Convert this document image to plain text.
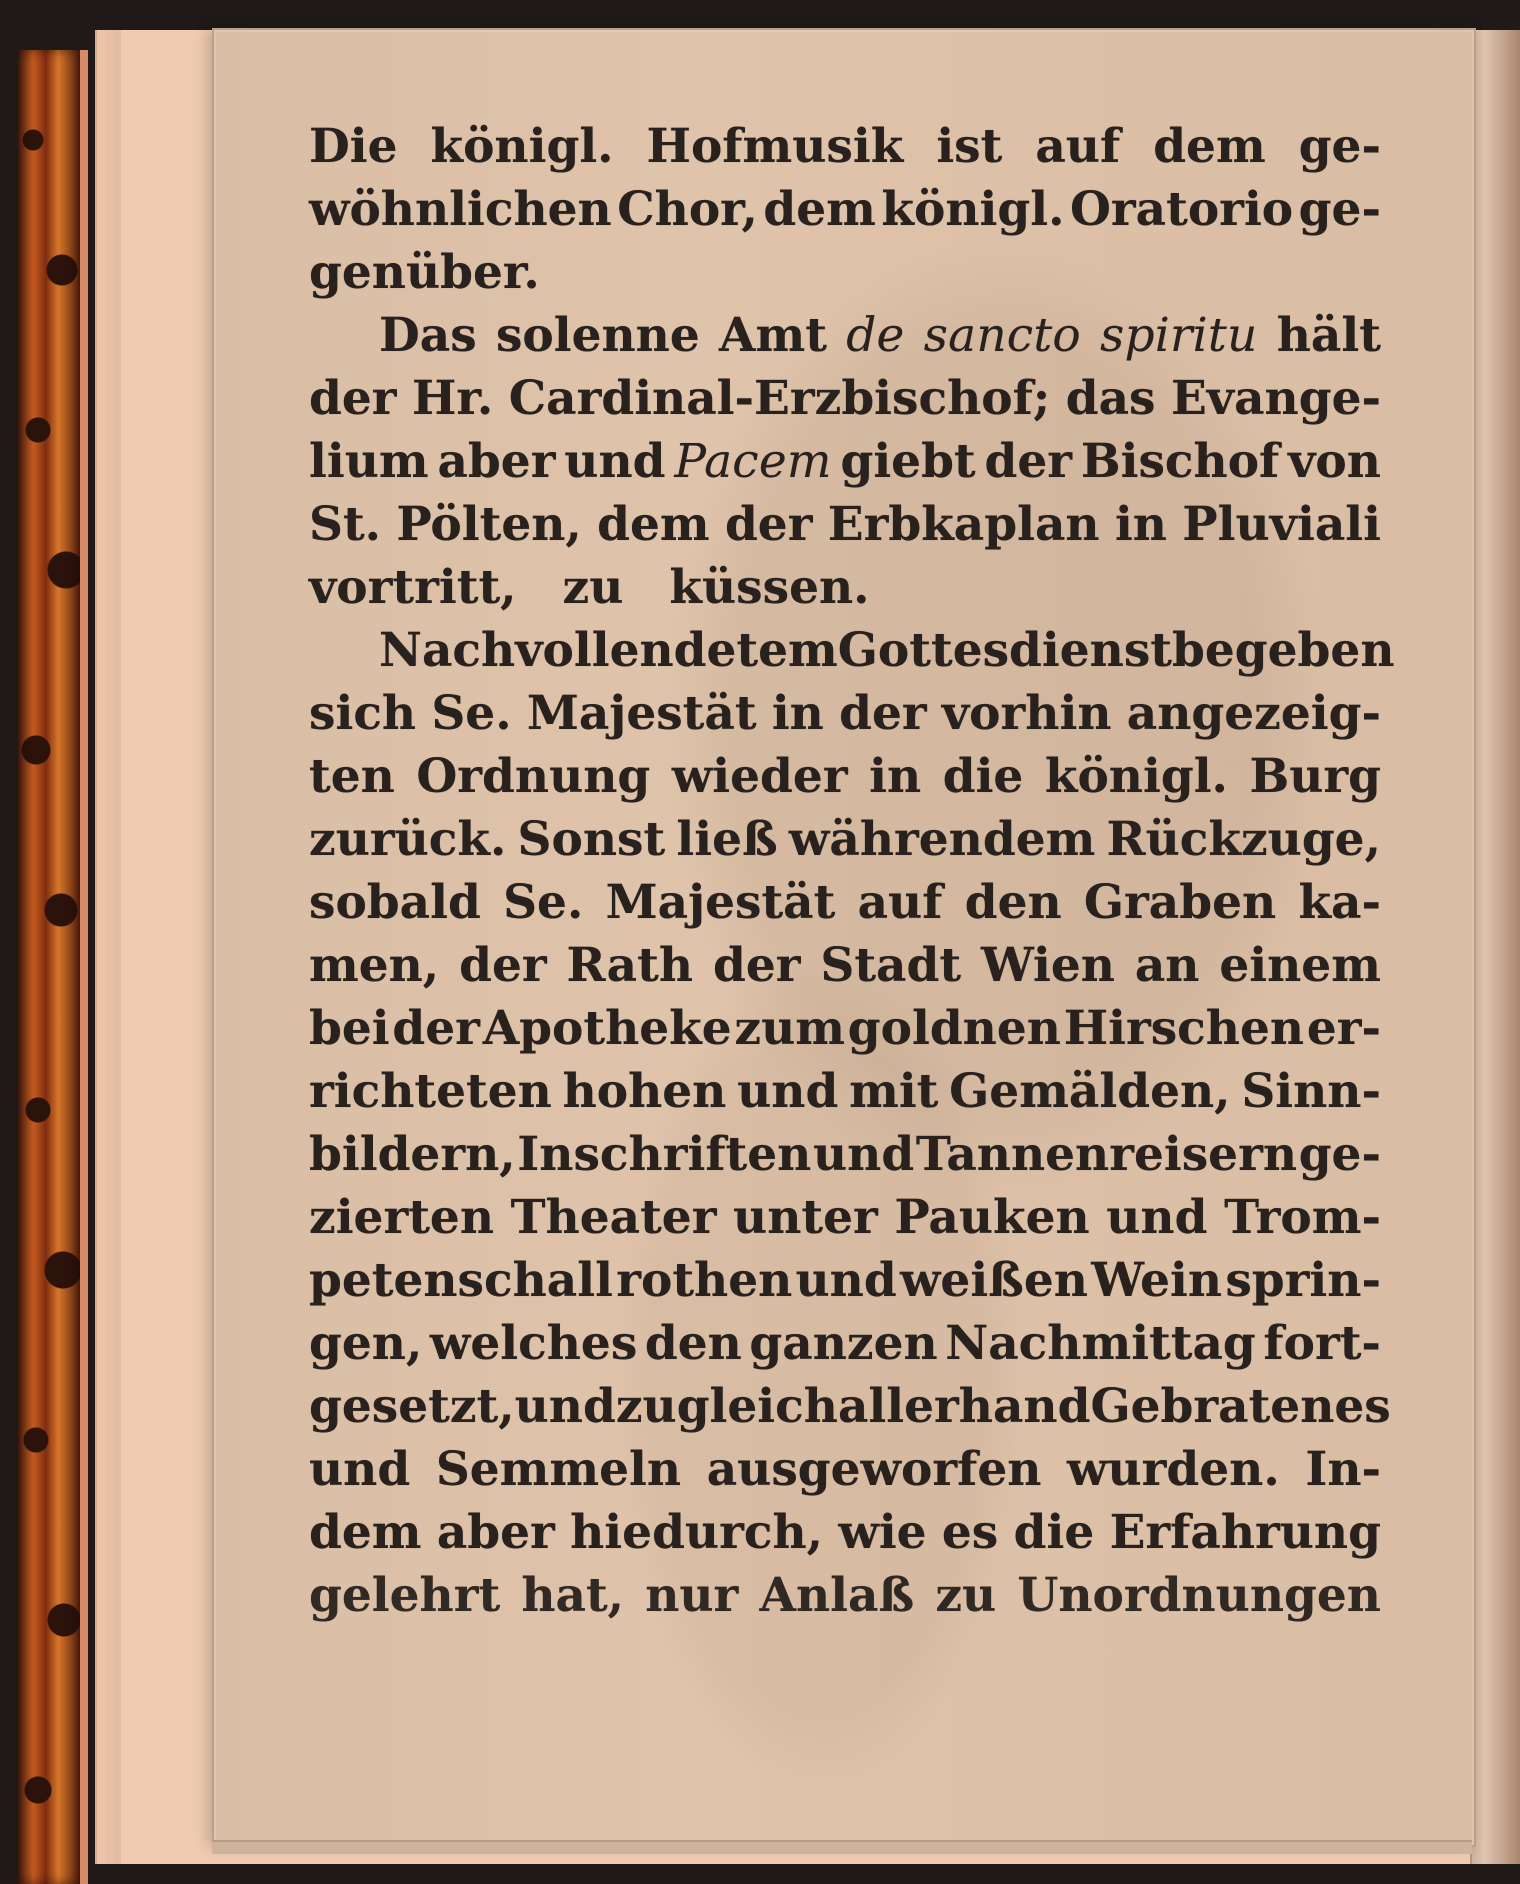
Die königl. Hofmusik ist auf dem ge-
wöhnlichen Chor, dem königl. Oratorio ge-
genüber.
Das solenne Amt de sancto spiritu hält
der Hr. Cardinal-Erzbischof; das Evange-
lium aber und Pacem giebt der Bischof von
St. Pölten, dem der Erbkaplan in Pluviali
vortritt, zu küssen.
Nach vollendetem Gottesdienst begeben
sich Se. Majestät in der vorhin angezeig-
ten Ordnung wieder in die königl. Burg
zurück. Sonst ließ währendem Rückzuge,
sobald Se. Majestät auf den Graben ka-
men, der Rath der Stadt Wien an einem
bei der Apotheke zum goldnen Hirschen er-
richteten hohen und mit Gemälden, Sinn-
bildern, Inschriften und Tannenreisern ge-
zierten Theater unter Pauken und Trom-
petenschall rothen und weißen Wein sprin-
gen, welches den ganzen Nachmittag fort-
gesetzt, und zugleich allerhand Gebratenes
und Semmeln ausgeworfen wurden. In-
dem aber hiedurch, wie es die Erfahrung
gelehrt hat, nur Anlaß zu Unordnungen
